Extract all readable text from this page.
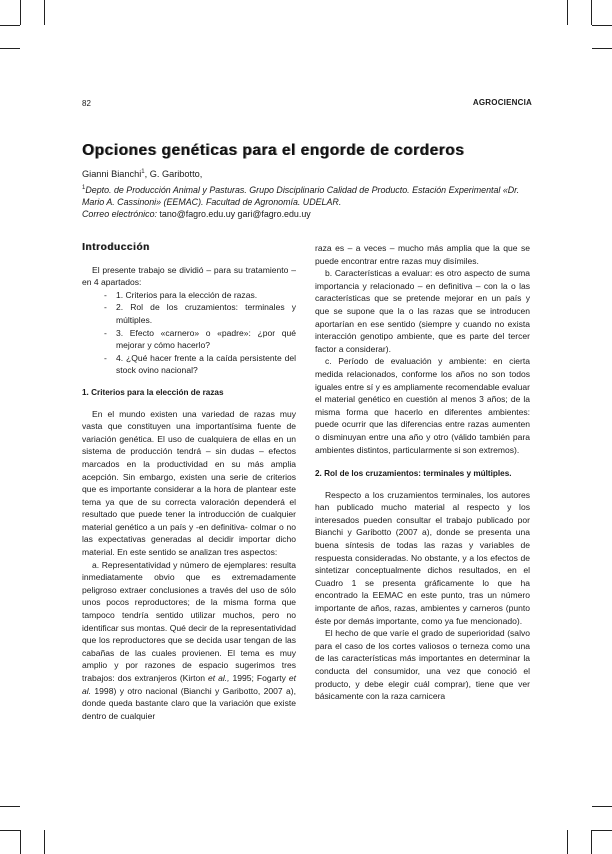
82	AGROCIENCIA
Opciones genéticas para el engorde de corderos
Gianni Bianchi$^1$, G. Garibotto,
$^1$Depto. de Producción Animal y Pasturas. Grupo Disciplinario Calidad de Producto. Estación Experimental «Dr. Mario A. Cassinoni» (EEMAC). Facultad de Agronomía. UDELAR.
Correo electrónico: tano@fagro.edu.uy gari@fagro.edu.uy
Introducción

El presente trabajo se dividió – para su tratamiento – en 4 apartados:

- 1. Criterios para la elección de razas.
- 2. Rol de los cruzamientos: terminales y múltiples.
- 3. Efecto «carnero» o «padre»: ¿por qué mejorar y cómo hacerlo?
- 4. ¿Qué hacer frente a la caída persistente del stock ovino nacional?
1. Criterios para la elección de razas

En el mundo existen una variedad de razas muy vasta que constituyen una importantísima fuente de variación genética. El uso de cualquiera de ellas en un sistema de producción tendrá – sin dudas – efectos marcados en la productividad en su más amplia acepción. Sin embargo, existen una serie de criterios que es importante considerar a la hora de plantear este tema ya que de su correcta valoración dependerá el resultado que puede tener la introducción de cualquier material genético a un país y -en definitiva- colmar o no las expectativas generadas al decidir importar dicho material. En este sentido se analizan tres aspectos:

a. Representatividad y número de ejemplares: resulta inmediatamente obvio que es extremadamente peligroso extraer conclusiones a través del uso de sólo unos pocos reproductores; de la misma forma que tampoco tendría sentido utilizar muchos, pero no identificar sus montas. Qué decir de la representatividad que los reproductores que se decida usar tengan de las cabañas de las cuales provienen. El tema es muy amplio y por razones de espacio sugerimos tres trabajos: dos extranjeros (Kirton et al., 1995; Fogarty et al. 1998) y otro nacional (Bianchi y Garibotto, 2007 a), donde queda bastante claro que la variación que existe dentro de cualquier

raza es – a veces – mucho más amplia que la que se puede encontrar entre razas muy disímiles.

b. Características a evaluar: es otro aspecto de suma importancia y relacionado – en definitiva – con la o las características que se pretende mejorar en un país y que se supone que la o las razas que se introducen aportarían en ese sentido (siempre y cuando no exista interacción genotipo ambiente, que es parte del tercer factor a considerar).

c. Período de evaluación y ambiente: en cierta medida relacionados, conforme los años no son todos iguales entre sí y es ampliamente recomendable evaluar el material genético en cuestión al menos 3 años; de la misma forma que hacerlo en diferentes ambientes: puede ocurrir que las diferencias entre razas aumenten o disminuyan entre una año y otro (válido también para ambientes distintos, particularmente si son extremos).

2. Rol de los cruzamientos: terminales y múltiples.

Respecto a los cruzamientos terminales, los autores han publicado mucho material al respecto y los interesados pueden consultar el trabajo publicado por Bianchi y Garibotto (2007 a), donde se presenta una buena síntesis de todas las razas y variables de respuesta consideradas. No obstante, y a los efectos de sintetizar conceptualmente dichos resultados, en el Cuadro 1 se presenta gráficamente lo que ha encontrado la EEMAC en este punto, tras un número importante de años, razas, ambientes y carneros (punto éste por demás importante, como ya fue mencionado).

El hecho de que varíe el grado de superioridad (salvo para el caso de los cortes valiosos o terneza como una de las características más importantes en determinar la conducta del consumidor, una vez que conoció el producto, y debe elegir cuál comprar), tiene que ver básicamente con la raza carnicera
